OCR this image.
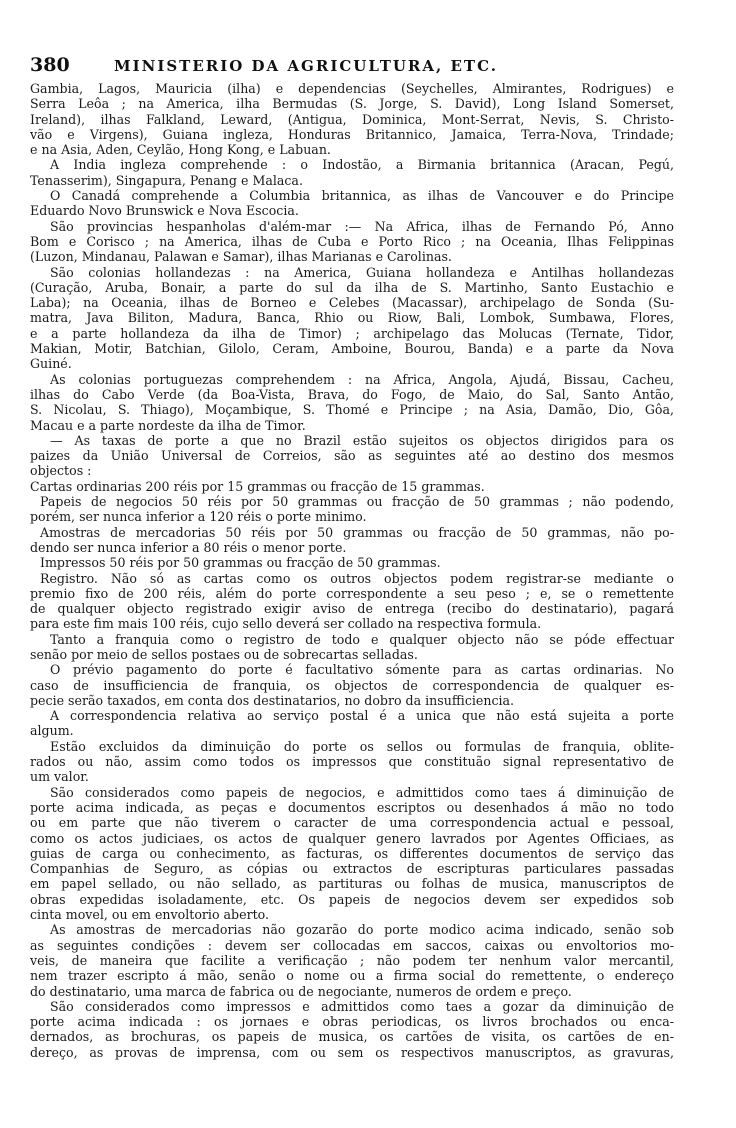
380	MINISTERIO DA AGRICULTURA, ETC.
Gambia, Lagos, Mauricia (ilha) e dependencias (Seychelles, Almirantes, Rodrigues) e
Serra Leôa ; na America, ilha Bermudas (S. Jorge, S. David), Long Island Somerset,
Ireland), ilhas Falkland, Leward, (Antigua, Dominica, Mont-Serrat, Nevis, S. Christo-
vão e Virgens), Guiana ingleza, Honduras Britannico, Jamaica, Terra-Nova, Trindade;
e na Asia, Aden, Ceylão, Hong Kong, e Labuan.
A India ingleza comprehende : o Indostão, a Birmania britannica (Aracan, Pegú,
Tenasserim), Singapura, Penang e Malaca.
O Canadá comprehende a Columbia britannica, as ilhas de Vancouver e do Principe
Eduardo Novo Brunswick e Nova Escocia.
São provincias hespanholas d'além-mar :— Na Africa, ilhas de Fernando Pó, Anno
Bom e Corisco ; na America, ilhas de Cuba e Porto Rico ; na Oceania, Ilhas Felippinas
(Luzon, Mindanau, Palawan e Samar), ilhas Marianas e Carolinas.
São colonias hollandezas : na America, Guiana hollandeza e Antilhas hollandezas
(Curação, Aruba, Bonair, a parte do sul da ilha de S. Martinho, Santo Eustachio e
Laba); na Oceania, ilhas de Borneo e Celebes (Macassar), archipelago de Sonda (Su-
matra, Java Biliton, Madura, Banca, Rhio ou Riow, Bali, Lombok, Sumbawa, Flores,
e a parte hollandeza da ilha de Timor) ; archipelago das Molucas (Ternate, Tidor,
Makian, Motir, Batchian, Gilolo, Ceram, Amboine, Bourou, Banda) e a parte da Nova
Guiné.
As colonias portuguezas comprehendem : na Africa, Angola, Ajudá, Bissau, Cacheu,
ilhas do Cabo Verde (da Boa-Vista, Brava, do Fogo, de Maio, do Sal, Santo Antão,
S. Nicolau, S. Thiago), Moçambique, S. Thomé e Principe ; na Asia, Damão, Dio, Gôa,
Macau e a parte nordeste da ilha de Timor.
— As taxas de porte a que no Brazil estão sujeitos os objectos dirigidos para os
paizes da União Universal de Correios, são as seguintes até ao destino dos mesmos
objectos :
Cartas ordinarias 200 réis por 15 grammas ou fracção de 15 grammas.
Papeis de negocios 50 réis por 50 grammas ou fracção de 50 grammas ; não podendo,
porém, ser nunca inferior a 120 réis o porte minimo.
Amostras de mercadorias 50 réis por 50 grammas ou fracção de 50 grammas, não po-
dendo ser nunca inferior a 80 réis o menor porte.
Impressos 50 réis por 50 grammas ou fracção de 50 grammas.
Registro. Não só as cartas como os outros objectos podem registrar-se mediante o
premio fixo de 200 réis, além do porte correspondente a seu peso ; e, se o remettente
de qualquer objecto registrado exigir aviso de entrega (recibo do destinatario), pagará
para este fim mais 100 réis, cujo sello deverá ser collado na respectiva formula.
Tanto a franquia como o registro de todo e qualquer objecto não se póde effectuar
senão por meio de sellos postaes ou de sobrecartas selladas.
O prévio pagamento do porte é facultativo sómente para as cartas ordinarias. No
caso de insufficiencia de franquia, os objectos de correspondencia de qualquer es-
pecie serão taxados, em conta dos destinatarios, no dobro da insufficiencia.
A correspondencia relativa ao serviço postal é a unica que não está sujeita a porte
algum.
Estão excluidos da diminuição do porte os sellos ou formulas de franquia, oblite-
rados ou não, assim como todos os impressos que constituão signal representativo de
um valor.
São considerados como papeis de negocios, e admittidos como taes á diminuição de
porte acima indicada, as peças e documentos escriptos ou desenhados á mão no todo
ou em parte que não tiverem o caracter de uma correspondencia actual e pessoal,
como os actos judiciaes, os actos de qualquer genero lavrados por Agentes Officiaes, as
guias de carga ou conhecimento, as facturas, os differentes documentos de serviço das
Companhias de Seguro, as cópias ou extractos de escripturas particulares passadas
em papel sellado, ou não sellado, as partituras ou folhas de musica, manuscriptos de
obras expedidas isoladamente, etc. Os papeis de negocios devem ser expedidos sob
cinta movel, ou em envoltorio aberto.
As amostras de mercadorias não gozarão do porte modico acima indicado, senão sob
as seguintes condições : devem ser collocadas em saccos, caixas ou envoltorios mo-
veis, de maneira que facilite a verificação ; não podem ter nenhum valor mercantil,
nem trazer escripto á mão, senão o nome ou a firma social do remettente, o endereço
do destinatario, uma marca de fabrica ou de negociante, numeros de ordem e preço.
São considerados como impressos e admittidos como taes a gozar da diminuição de
porte acima indicada : os jornaes e obras periodicas, os livros brochados ou enca-
dernados, as brochuras, os papeis de musica, os cartões de visita, os cartões de en-
dereço, as provas de imprensa, com ou sem os respectivos manuscriptos, as gravuras,
